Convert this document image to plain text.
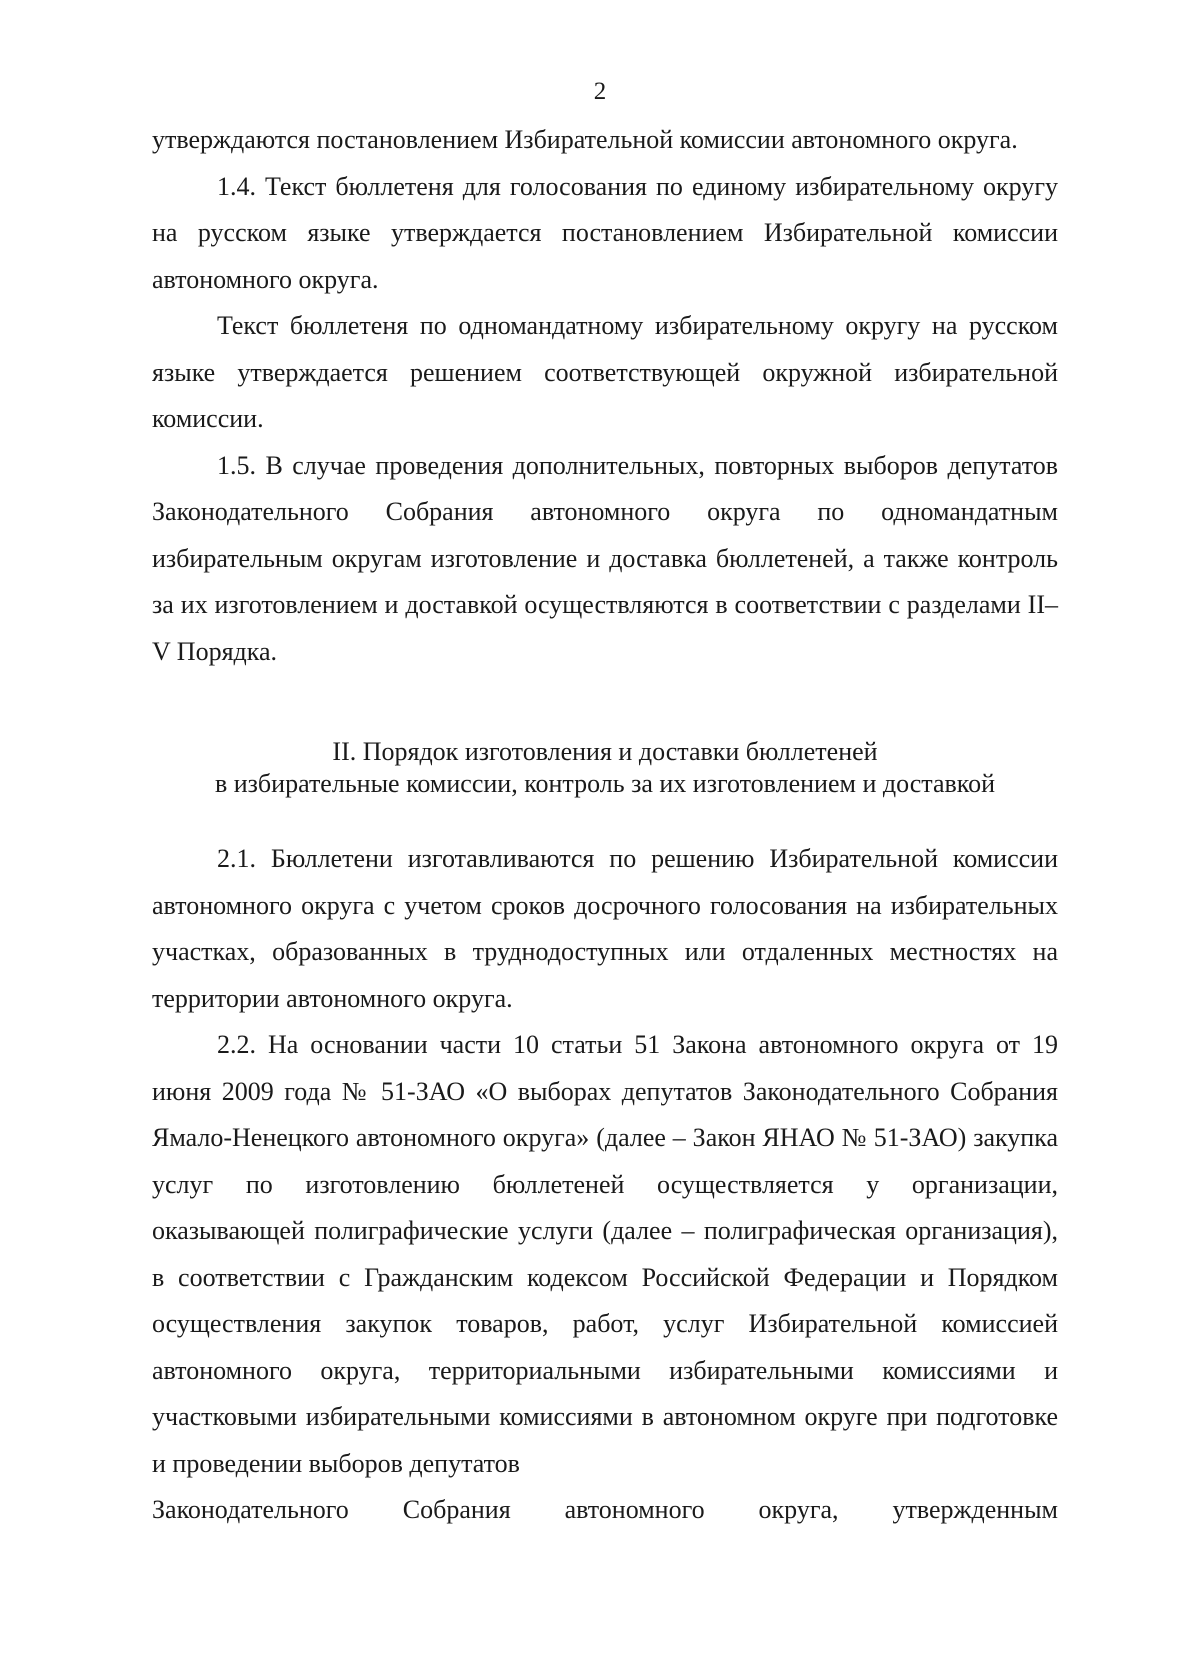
2

утверждаются постановлением Избирательной комиссии автономного округа.

1.4. Текст бюллетеня для голосования по единому избирательному округу на русском языке утверждается постановлением Избирательной комиссии автономного округа.

Текст бюллетеня по одномандатному избирательному округу на русском языке утверждается решением соответствующей окружной избирательной комиссии.

1.5. В случае проведения дополнительных, повторных выборов депутатов Законодательного Собрания автономного округа по одномандатным избирательным округам изготовление и доставка бюллетеней, а также контроль за их изготовлением и доставкой осуществляются в соответствии с разделами II–V Порядка.

II. Порядок изготовления и доставки бюллетеней
в избирательные комиссии, контроль за их изготовлением и доставкой

2.1. Бюллетени изготавливаются по решению Избирательной комиссии автономного округа с учетом сроков досрочного голосования на избирательных участках, образованных в труднодоступных или отдаленных местностях на территории автономного округа.

2.2. На основании части 10 статьи 51 Закона автономного округа от 19 июня 2009 года № 51-ЗАО «О выборах депутатов Законодательного Собрания Ямало-Ненецкого автономного округа» (далее – Закон ЯНАО № 51-ЗАО) закупка услуг по изготовлению бюллетеней осуществляется у организации, оказывающей полиграфические услуги (далее – полиграфическая организация), в соответствии с Гражданским кодексом Российской Федерации и Порядком осуществления закупок товаров, работ, услуг Избирательной комиссией автономного округа, территориальными избирательными комиссиями и участковыми избирательными комиссиями в автономном округе при подготовке и проведении выборов депутатов

Законодательного Собрания автономного округа, утвержденным
